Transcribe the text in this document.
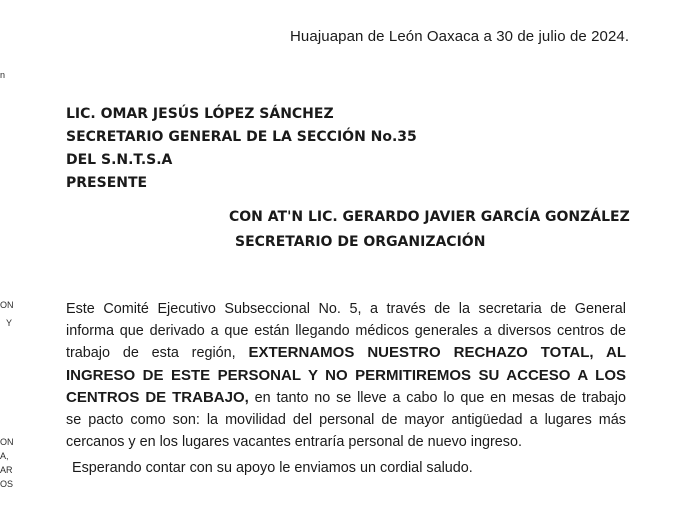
n
ON
Y
ON
A,
AR
OS
Huajuapan de León Oaxaca a 30 de julio de 2024.
LIC. OMAR JESÚS LÓPEZ SÁNCHEZ
SECRETARIO GENERAL DE LA SECCIÓN No.35
DEL S.N.T.S.A
PRESENTE
CON AT'N LIC. GERARDO JAVIER GARCÍA GONZÁLEZ
SECRETARIO DE ORGANIZACIÓN
Este Comité Ejecutivo Subseccional No. 5, a través de la secretaria de General
informa que derivado a que están llegando médicos generales a diversos centros de
trabajo de esta región, EXTERNAMOS NUESTRO RECHAZO TOTAL, AL
INGRESO DE ESTE PERSONAL Y NO PERMITIREMOS SU ACCESO A LOS
CENTROS DE TRABAJO, en tanto no se lleve a cabo lo que en mesas de trabajo
se pacto como son: la movilidad del personal de mayor antigüedad a lugares más
cercanos y en los lugares vacantes entraría personal de nuevo ingreso.
Esperando contar con su apoyo le enviamos un cordial saludo.
